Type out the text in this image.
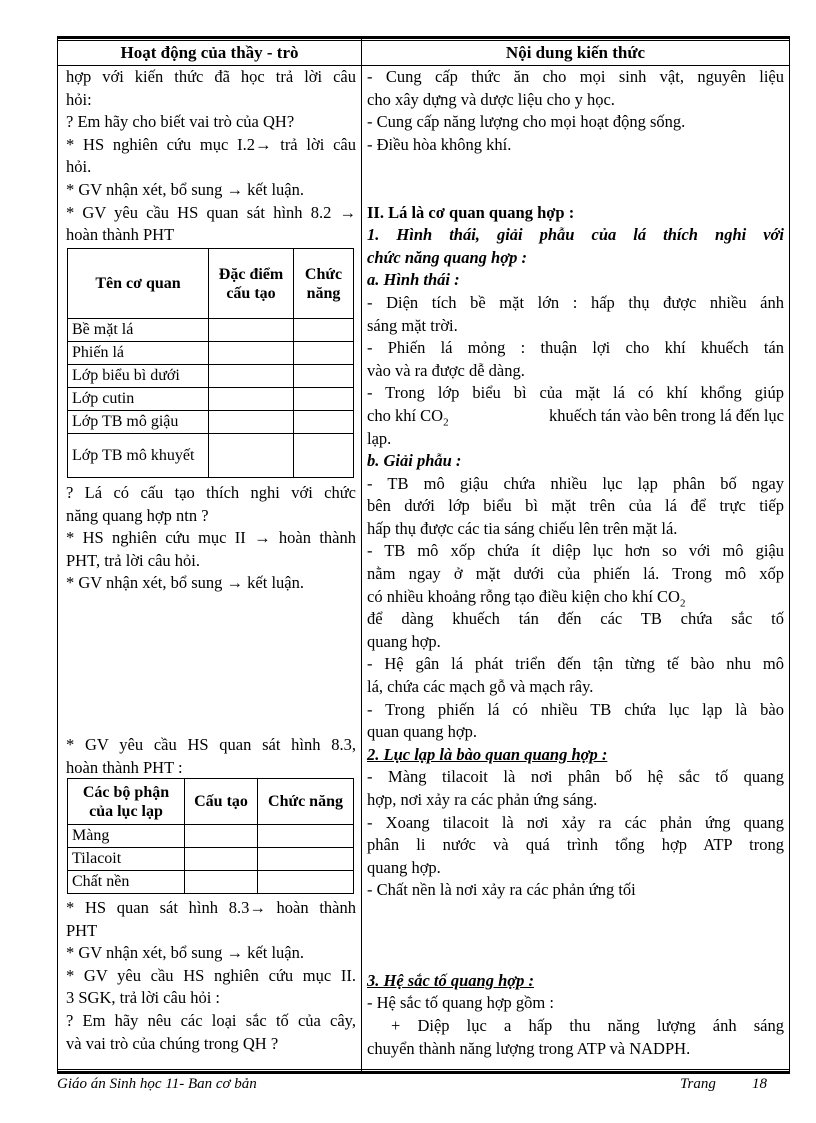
Hoạt động của thầy - trò	Nội dung kiến thức
hợp với kiến thức đã học trả lời câu
hỏi:
? Em hãy cho biết vai trò của QH?
* HS nghiên cứu mục I.2→ trả lời câu
hỏi.
* GV nhận xét, bổ sung → kết luận.
* GV yêu cầu HS quan sát hình 8.2 →
hoàn thành PHT
Tên cơ quan	Đặc điểm cấu tạo	Chức năng
Bề mặt lá		
Phiến lá		
Lớp biểu bì dưới		
Lớp cutin		
Lớp TB mô giậu		
Lớp TB mô khuyết		
? Lá có cấu tạo thích nghi với chức
năng quang hợp ntn ?
* HS nghiên cứu mục II → hoàn thành
PHT, trả lời câu hỏi.
* GV nhận xét, bổ sung → kết luận.
* GV yêu cầu HS quan sát hình 8.3,
hoàn thành PHT :
Các bộ phận của lục lạp	Cấu tạo	Chức năng
Màng		
Tilacoit		
Chất nền		
* HS quan sát hình 8.3→ hoàn thành
PHT
* GV nhận xét, bổ sung → kết luận.
* GV yêu cầu HS nghiên cứu mục II.
3 SGK, trả lời câu hỏi :
? Em hãy nêu các loại sắc tố của cây,
và vai trò của chúng trong QH ?
- Cung cấp thức ăn cho mọi sinh vật, nguyên liệu
cho xây dựng và dược liệu cho y học.
- Cung cấp năng lượng cho mọi hoạt động sống.
- Điều hòa không khí.
II. Lá là cơ quan quang hợp :
1. Hình thái, giải phẫu của lá thích nghi với
chức năng quang hợp :
a. Hình thái :
- Diện tích bề mặt lớn : hấp thụ được nhiều ánh
sáng mặt trời.
- Phiến lá mỏng : thuận lợi cho khí khuếch tán
vào và ra được dễ dàng.
- Trong lớp biểu bì của mặt lá có khí khổng giúp
cho khí $CO_2$	khuếch tán vào bên trong lá đến lục
lạp.
b. Giải phẫu :
- TB mô giậu chứa nhiều lục lạp phân bố ngay
bên dưới lớp biểu bì mặt trên của lá để trực tiếp
hấp thụ được các tia sáng chiếu lên trên mặt lá.
- TB mô xốp chứa ít diệp lục hơn so với mô giậu
nằm ngay ở mặt dưới của phiến lá. Trong mô xốp
có nhiều khoảng rỗng tạo điều kiện cho khí $CO_2$
để dàng khuếch tán đến các TB chứa sắc tố
quang hợp.
- Hệ gân lá phát triển đến tận từng tế bào nhu mô
lá, chứa các mạch gỗ và mạch rây.
- Trong phiến lá có nhiều TB chứa lục lạp là bào
quan quang hợp.
2. Lục lạp là bào quan quang hợp :
- Màng tilacoit là nơi phân bố hệ sắc tố quang
hợp, nơi xảy ra các phản ứng sáng.
- Xoang tilacoit là nơi xảy ra các phản ứng quang
phân li nước và quá trình tổng hợp ATP trong
quang hợp.
- Chất nền là nơi xảy ra các phản ứng tối
3. Hệ sắc tố quang hợp :
- Hệ sắc tố quang hợp gồm :
+ Diệp lục a hấp thu năng lượng ánh sáng
chuyển thành năng lượng trong ATP và NADPH.
Giáo án Sinh học 11- Ban cơ bản	Trang 18
